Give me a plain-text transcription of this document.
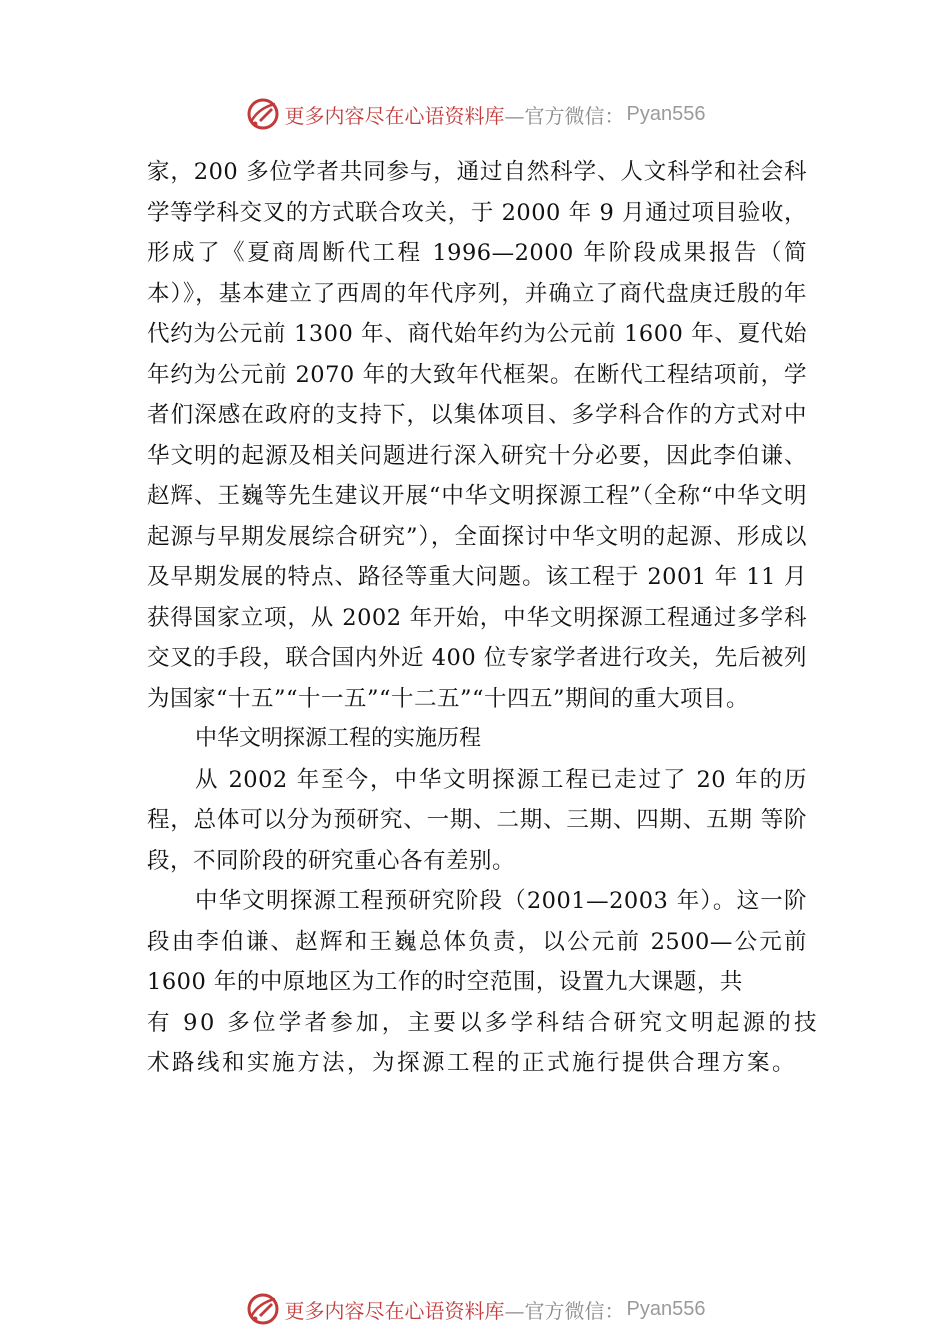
更多内容尽在心语资料库 —官方微信： Pyan556

家，200 多位学者共同参与，通过自然科学、人文科学和社会科学等学科交叉的方式联合攻关，于 2000 年 9 月通过项目验收，形成了《夏商周断代工程 1996—2000 年阶段成果报告（简本）》，基本建立了西周的年代序列，并确立了商代盘庚迁殷的年代约为公元前 1300 年、商代始年约为公元前 1600 年、夏代始年约为公元前 2070 年的大致年代框架。在断代工程结项前，学者们深感在政府的支持下，以集体项目、多学科合作的方式对中华文明的起源及相关问题进行深入研究十分必要，因此李伯谦、赵辉、王巍等先生建议开展“中华文明探源工程”（全称“中华文明起源与早期发展综合研究”），全面探讨中华文明的起源、形成以及早期发展的特点、路径等重大问题。该工程于 2001 年 11 月获得国家立项，从 2002 年开始，中华文明探源工程通过多学科交叉的手段，联合国内外近 400 位专家学者进行攻关，先后被列为国家“十五”“十一五”“十二五”“十四五”期间的重大项目。

中华文明探源工程的实施历程

从 2002 年至今，中华文明探源工程已走过了 20 年的历程，总体可以分为预研究、一期、二期、三期、四期、五期 等阶段，不同阶段的研究重心各有差别。

中华文明探源工程预研究阶段（2001—2003 年）。这一阶段由李伯谦、赵辉和王巍总体负责，以公元前 2500—公元前 1600 年的中原地区为工作的时空范围，设置九大课题，共

有 90 多位学者参加，主要以多学科结合研究文明起源的技术路线和实施方法，为探源工程的正式施行提供合理方案。

更多内容尽在心语资料库 —官方微信： Pyan556
